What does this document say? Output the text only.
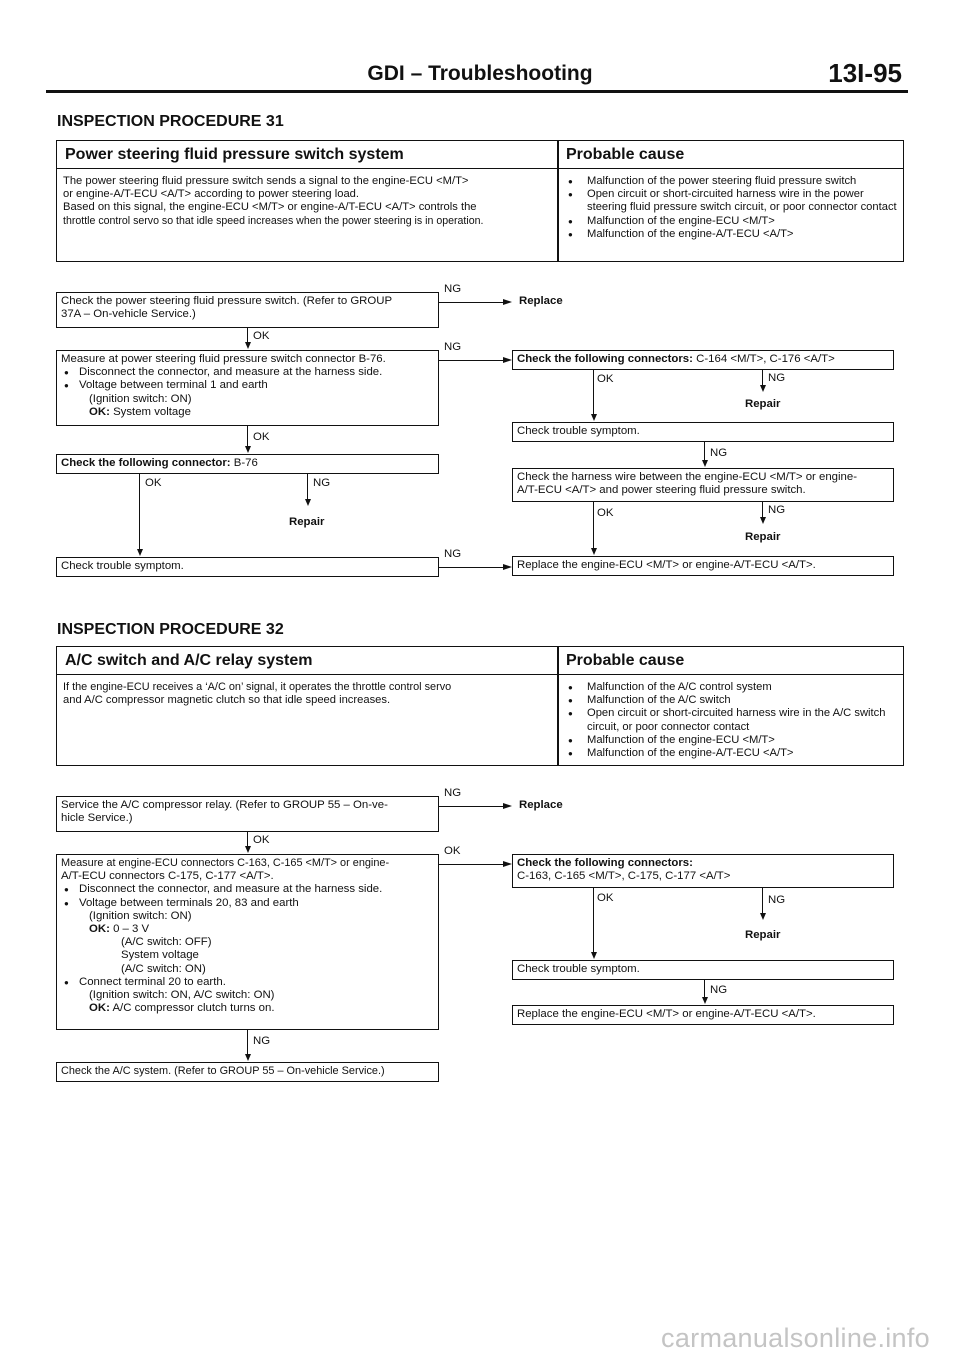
GDI – Troubleshooting	13I-95
INSPECTION PROCEDURE 31
Power steering fluid pressure switch system	Probable cause
The power steering fluid pressure switch sends a signal to the engine-ECU <M/T>
or engine-A/T-ECU <A/T> according to power steering load.
Based on this signal, the engine-ECU <M/T> or engine-A/T-ECU <A/T> controls the
throttle control servo so that idle speed increases when the power steering is in operation.
● Malfunction of the power steering fluid pressure switch
● Open circuit or short-circuited harness wire in the power steering fluid pressure switch circuit, or poor connector contact
● Malfunction of the engine-ECU <M/T>
● Malfunction of the engine-A/T-ECU <A/T>
Check the power steering fluid pressure switch. (Refer to GROUP
37A – On-vehicle Service.)
NG
Replace
OK
Measure at power steering fluid pressure switch connector B-76.
● Disconnect the connector, and measure at the harness side.
● Voltage between terminal 1 and earth
(Ignition switch: ON)
OK: System voltage
NG
OK
Check the following connector: B-76
OK	NG
Repair
Check trouble symptom.
NG
Check the following connectors: C-164 <M/T>, C-176 <A/T>
OK	NG
Repair
Check trouble symptom.
NG
Check the harness wire between the engine-ECU <M/T> or engine-
A/T-ECU <A/T> and power steering fluid pressure switch.
OK	NG
Repair
Replace the engine-ECU <M/T> or engine-A/T-ECU <A/T>.
INSPECTION PROCEDURE 32
A/C switch and A/C relay system	Probable cause
If the engine-ECU receives a ‘A/C on’ signal, it operates the throttle control servo
and A/C compressor magnetic clutch so that idle speed increases.
● Malfunction of the A/C control system
● Malfunction of the A/C switch
● Open circuit or short-circuited harness wire in the A/C switch circuit, or poor connector contact
● Malfunction of the engine-ECU <M/T>
● Malfunction of the engine-A/T-ECU <A/T>
Service the A/C compressor relay. (Refer to GROUP 55 – On-ve-
hicle Service.)
NG
Replace
OK
Measure at engine-ECU connectors C-163, C-165 <M/T> or engine-
A/T-ECU connectors C-175, C-177 <A/T>.
● Disconnect the connector, and measure at the harness side.
● Voltage between terminals 20, 83 and earth
(Ignition switch: ON)
OK: 0 – 3 V
(A/C switch: OFF)
System voltage
(A/C switch: ON)
● Connect terminal 20 to earth.
(Ignition switch: ON, A/C switch: ON)
OK: A/C compressor clutch turns on.
OK
NG
Check the A/C system. (Refer to GROUP 55 – On-vehicle Service.)
Check the following connectors:
C-163, C-165 <M/T>, C-175, C-177 <A/T>
OK	NG
Repair
Check trouble symptom.
NG
Replace the engine-ECU <M/T> or engine-A/T-ECU <A/T>.
carmanualsonline.info
